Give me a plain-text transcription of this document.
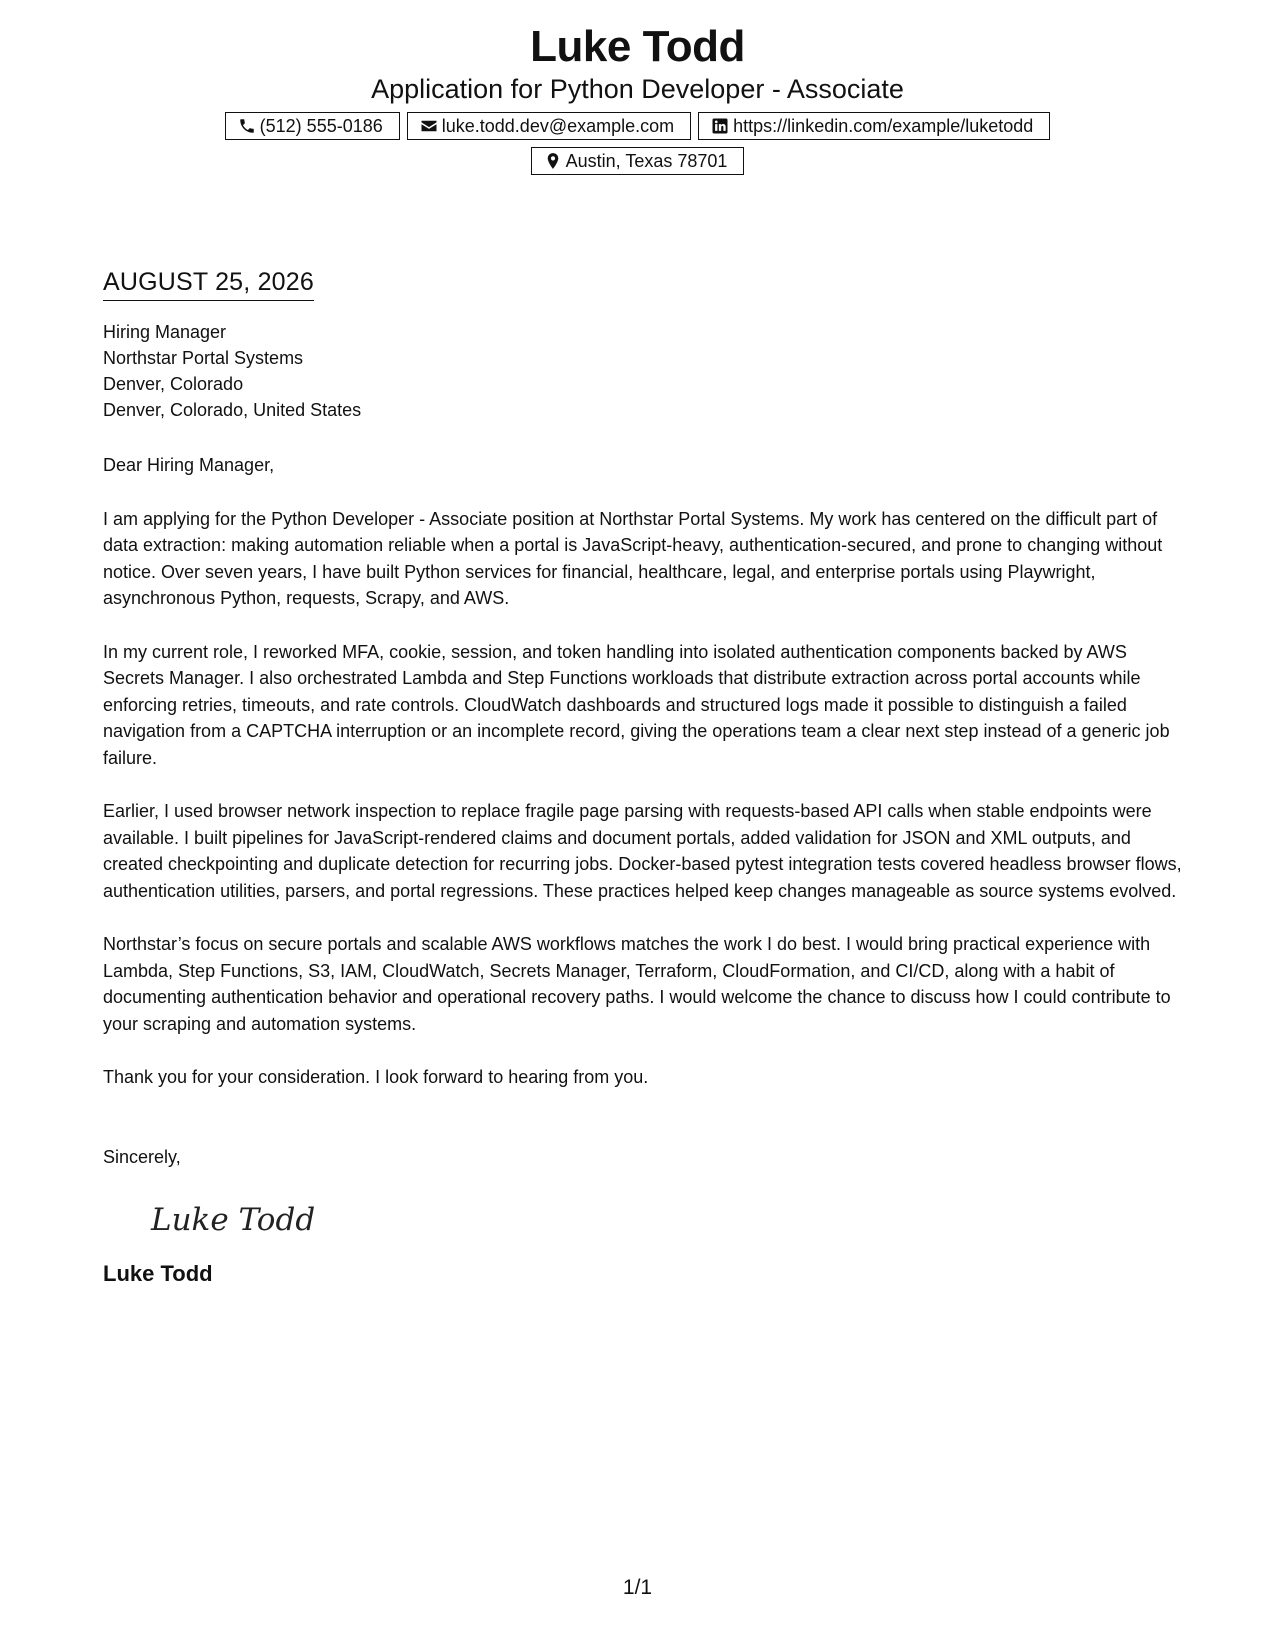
Luke Todd
Application for Python Developer - Associate
(512) 555-0186	luke.todd.dev@example.com	https://linkedin.com/example/luketodd
Austin, Texas 78701
AUGUST 25, 2026
Hiring Manager
Northstar Portal Systems
Denver, Colorado
Denver, Colorado, United States

Dear Hiring Manager,

I am applying for the Python Developer - Associate position at Northstar Portal Systems. My work has centered on the difficult part of data extraction: making automation reliable when a portal is JavaScript-heavy, authentication-secured, and prone to changing without notice. Over seven years, I have built Python services for financial, healthcare, legal, and enterprise portals using Playwright, asynchronous Python, requests, Scrapy, and AWS.

In my current role, I reworked MFA, cookie, session, and token handling into isolated authentication components backed by AWS Secrets Manager. I also orchestrated Lambda and Step Functions workloads that distribute extraction across portal accounts while enforcing retries, timeouts, and rate controls. CloudWatch dashboards and structured logs made it possible to distinguish a failed navigation from a CAPTCHA interruption or an incomplete record, giving the operations team a clear next step instead of a generic job failure.

Earlier, I used browser network inspection to replace fragile page parsing with requests-based API calls when stable endpoints were available. I built pipelines for JavaScript-rendered claims and document portals, added validation for JSON and XML outputs, and created checkpointing and duplicate detection for recurring jobs. Docker-based pytest integration tests covered headless browser flows, authentication utilities, parsers, and portal regressions. These practices helped keep changes manageable as source systems evolved.

Northstar’s focus on secure portals and scalable AWS workflows matches the work I do best. I would bring practical experience with Lambda, Step Functions, S3, IAM, CloudWatch, Secrets Manager, Terraform, CloudFormation, and CI/CD, along with a habit of documenting authentication behavior and operational recovery paths. I would welcome the chance to discuss how I could contribute to your scraping and automation systems.

Thank you for your consideration. I look forward to hearing from you.

Sincerely,

Luke Todd
Luke Todd
1/1
